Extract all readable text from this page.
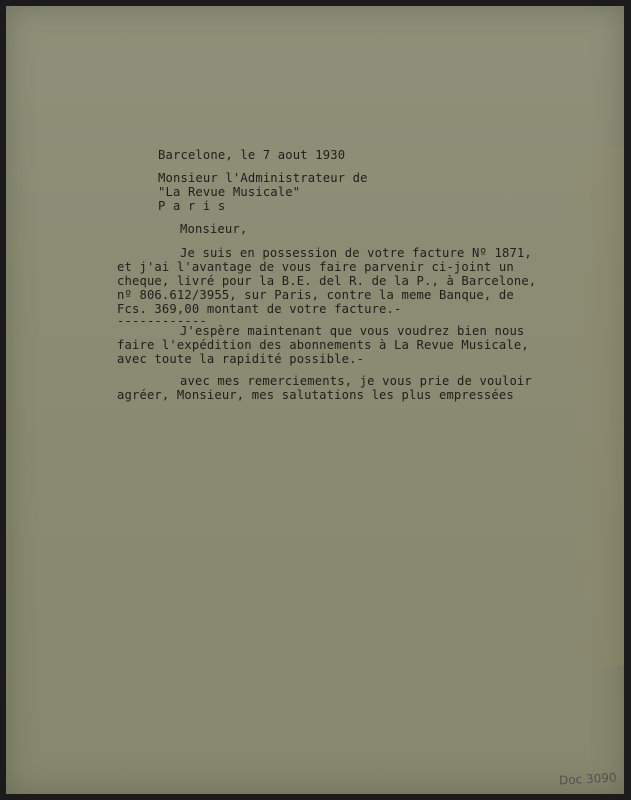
Barcelone, le 7 aout 1930
Monsieur l'Administrateur de
"La Revue Musicale"
P a r i s
Monsieur,
Je suis en possession de votre facture Nº 1871,
et j'ai l'avantage de vous faire parvenir ci-joint un
cheque, livré pour la B.E. del R. de la P., à Barcelone,
nº 806.612/3955, sur Paris, contre la meme Banque, de
Fcs. 369,00 montant de votre facture.-
------------
J'espère maintenant que vous voudrez bien nous
faire l'expédition des abonnements à La Revue Musicale,
avec toute la rapidité possible.-
avec mes remerciements, je vous prie de vouloir
agréer, Monsieur, mes salutations les plus empressées
Doc 3090
